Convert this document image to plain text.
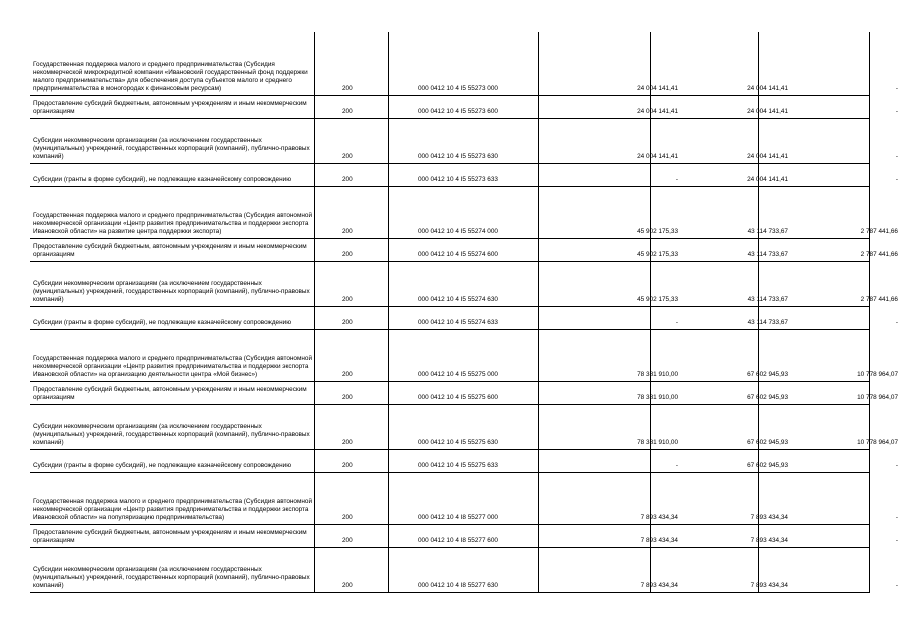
Государственная поддержка малого и среднего предпринимательства (Субсидия некоммерческой микрокредитной компании «Ивановский государственный фонд поддержки малого предпринимательства» для обеспечения доступа субъектов малого и среднего предпринимательства в моногородах к финансовым ресурсам)	200	000 0412 10 4 I5 55273 000	24 004 141,41	24 004 141,41	-
Предоставление субсидий бюджетным, автономным учреждениям и иным некоммерческим организациям	200	000 0412 10 4 I5 55273 600	24 004 141,41	24 004 141,41	-
Субсидии некоммерческим организациям (за исключением государственных (муниципальных) учреждений, государственных корпораций (компаний), публично-правовых компаний)	200	000 0412 10 4 I5 55273 630	24 004 141,41	24 004 141,41	-
Субсидии (гранты в форме субсидий), не подлежащие казначейскому сопровождению	200	000 0412 10 4 I5 55273 633	-	24 004 141,41	-
Государственная поддержка малого и среднего предпринимательства (Субсидия автономной некоммерческой организации «Центр развития предпринимательства и поддержки экспорта Ивановской области» на развитие центра поддержки экспорта)	200	000 0412 10 4 I5 55274 000	45 902 175,33	43 114 733,67	2 787 441,66
Предоставление субсидий бюджетным, автономным учреждениям и иным некоммерческим организациям	200	000 0412 10 4 I5 55274 600	45 902 175,33	43 114 733,67	2 787 441,66
Субсидии некоммерческим организациям (за исключением государственных (муниципальных) учреждений, государственных корпораций (компаний), публично-правовых компаний)	200	000 0412 10 4 I5 55274 630	45 902 175,33	43 114 733,67	2 787 441,66
Субсидии (гранты в форме субсидий), не подлежащие казначейскому сопровождению	200	000 0412 10 4 I5 55274 633	-	43 114 733,67	-
Государственная поддержка малого и среднего предпринимательства (Субсидия автономной некоммерческой организации «Центр развития предпринимательства и поддержки экспорта Ивановской области» на организацию деятельности центра «Мой бизнес»)	200	000 0412 10 4 I5 55275 000	78 381 910,00	67 602 945,93	10 778 964,07
Предоставление субсидий бюджетным, автономным учреждениям и иным некоммерческим организациям	200	000 0412 10 4 I5 55275 600	78 381 910,00	67 602 945,93	10 778 964,07
Субсидии некоммерческим организациям (за исключением государственных (муниципальных) учреждений, государственных корпораций (компаний), публично-правовых компаний)	200	000 0412 10 4 I5 55275 630	78 381 910,00	67 602 945,93	10 778 964,07
Субсидии (гранты в форме субсидий), не подлежащие казначейскому сопровождению	200	000 0412 10 4 I5 55275 633	-	67 602 945,93	-
Государственная поддержка малого и среднего предпринимательства (Субсидия автономной некоммерческой организации «Центр развития предпринимательства и поддержки экспорта Ивановской области» на популяризацию предпринимательства)	200	000 0412 10 4 I8 55277 000	7 893 434,34	7 893 434,34	-
Предоставление субсидий бюджетным, автономным учреждениям и иным некоммерческим организациям	200	000 0412 10 4 I8 55277 600	7 893 434,34	7 893 434,34	-
Субсидии некоммерческим организациям (за исключением государственных (муниципальных) учреждений, государственных корпораций (компаний), публично-правовых компаний)	200	000 0412 10 4 I8 55277 630	7 893 434,34	7 893 434,34	-
